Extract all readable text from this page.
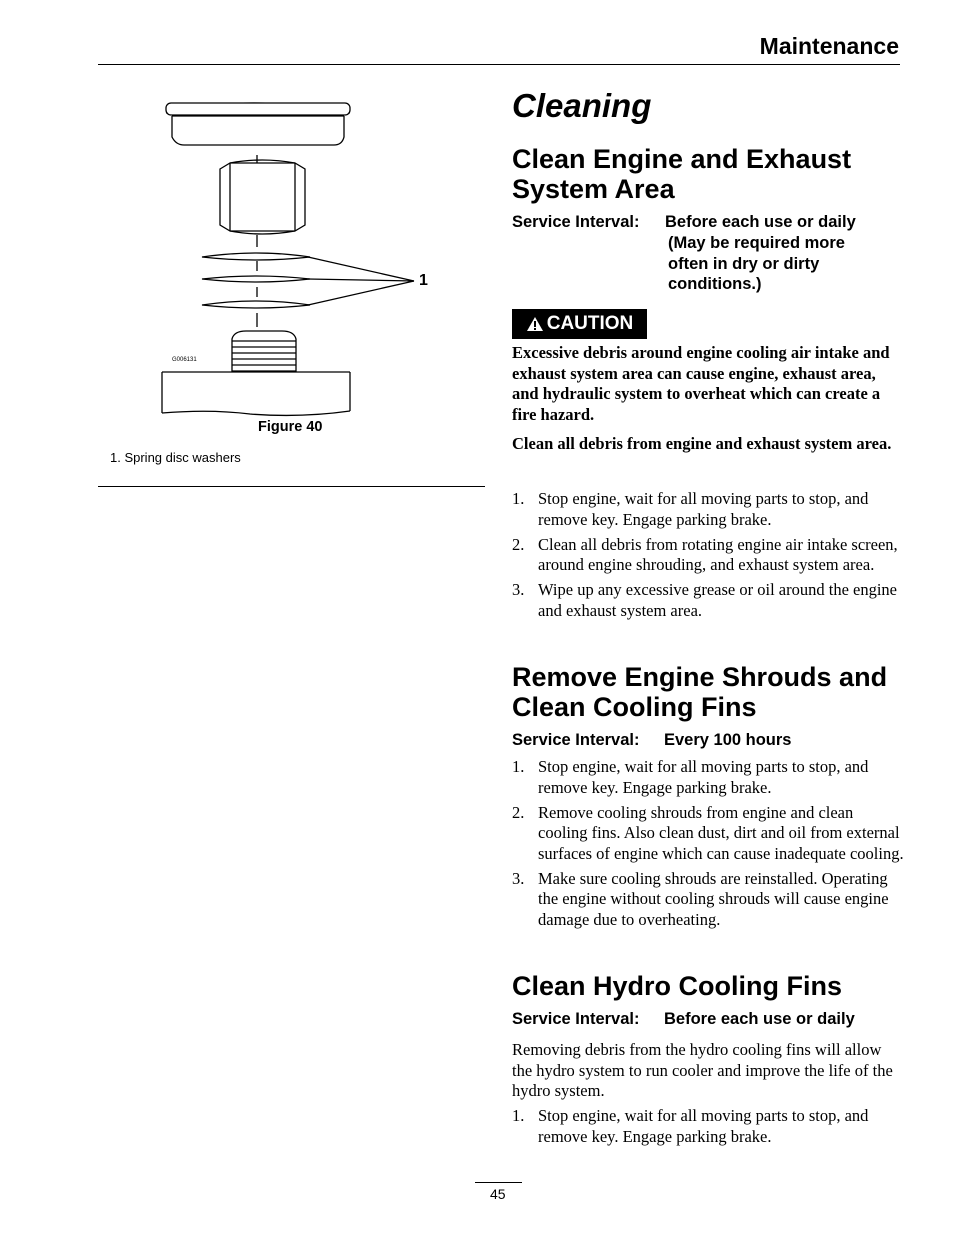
Maintenance
1
G006131
Figure 40
1. Spring disc washers
Cleaning
Clean Engine and Exhaust
System Area
Service Interval: Before each use or daily
(May be required more
often in dry or dirty
conditions.)
CAUTION
Excessive debris around engine cooling air intake and exhaust system area can cause engine, exhaust area, and hydraulic system to overheat which can create a fire hazard.
Clean all debris from engine and exhaust system area.
1. Stop engine, wait for all moving parts to stop, and remove key. Engage parking brake.
2. Clean all debris from rotating engine air intake screen, around engine shrouding, and exhaust system area.
3. Wipe up any excessive grease or oil around the engine and exhaust system area.
Remove Engine Shrouds and
Clean Cooling Fins
Service Interval: Every 100 hours
1. Stop engine, wait for all moving parts to stop, and remove key. Engage parking brake.
2. Remove cooling shrouds from engine and clean cooling fins. Also clean dust, dirt and oil from external surfaces of engine which can cause inadequate cooling.
3. Make sure cooling shrouds are reinstalled. Operating the engine without cooling shrouds will cause engine damage due to overheating.
Clean Hydro Cooling Fins
Service Interval: Before each use or daily
Removing debris from the hydro cooling fins will allow the hydro system to run cooler and improve the life of the hydro system.
1. Stop engine, wait for all moving parts to stop, and remove key. Engage parking brake.
45
